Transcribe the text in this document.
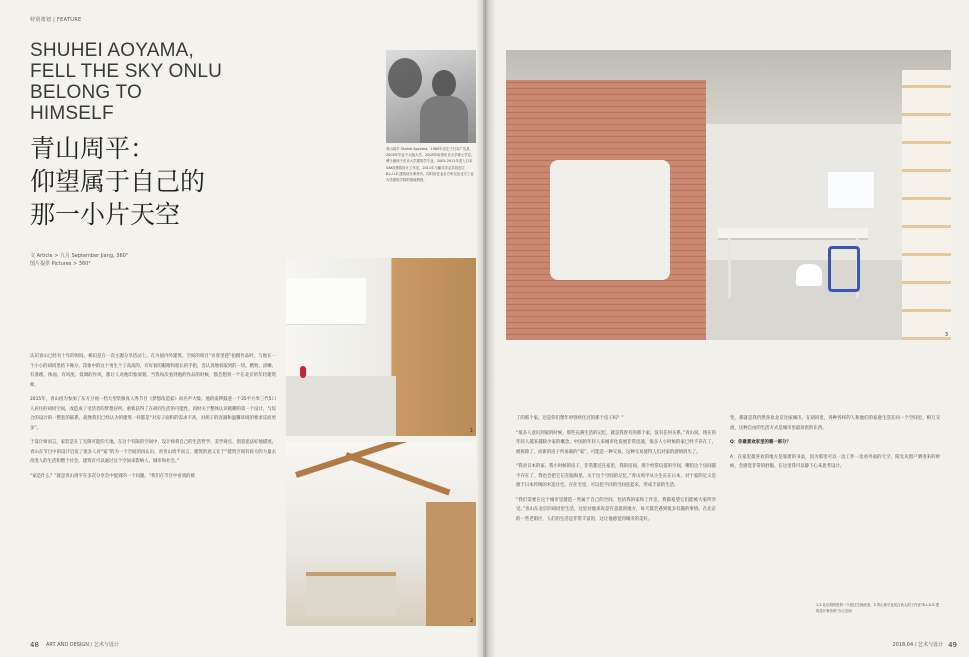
特别策划 | FEATURE
SHUHEI AOYAMA, FELL THE SKY ONLU BELONG TO HIMSELF
青山周平：
仰望属于自己的
那一小片天空
文 Article > 九月 September Jiang, 360°
图片提供 Pictures > 360°
青山周平 Shuhei Aoyama，1980年出生于日本广岛县，2003年毕业于大阪大学，2005年取得东京大学硕士学位，博士就读于东京大学建筑学专业。2005-2011年进入日本SAKO建筑设计工作室，2011年与藤井洋志共同创立B.L.U.E.建筑设计事务所，同时担任北京方所以及北方工业大学建筑学院的客座教授。
1
2

认识青山已经有十年的时间，相识是在一次主题分享活动上。在为国内外建筑、空间的项目“访客里巷”拍摄作品时，与他在一个小小的胡同里结下缘分。印象中的这个男生个子高高的，有好看的眼睛和很长的手指，会认真地看取到的一切。精致、清晰、有条理、体面、有风度、低调的作风，都让人对他印象深刻。当我每次看到他的作品的时候，都会想到一个在北京的年轻建筑师。

2015年，青山因为参加了东方卫视一档大型装修真人秀节目《梦想改造家》而名声大噪。他的南锣鼓巷一个35平方米三代5口人居住的胡同空间，改造成了受活者的梦想居所。重新获得了在胡同生活的可能性。同时关于整体认识模糊的第一个设计，与综合的设计的一整套的联系，就像我们已经认为的建筑一样都是“对房子面积的需求不高，对胡子的容器和温馨环境的要求反而更多”。

于设计师而言，家装是在了无限可能的天地。在这个有限的空间中，设计师将自己的生活哲学、美学观点、创意思法好地描述。青山在节目中的设计启发了很多人对“家”的为一个空间的再认识，对青山周平而言，建筑的意义在于“建筑空间有较大的力量去改变人的生活和整个社会，建筑有可以通过这个空间来影响人、城市和社会。”

“家是什么？”就是青山周平在多次分享会中提到的一个问题。“我们在节目中看到的被

48 ART AND DESIGN / 艺术与设计
3

了的那个家，还是你们想年时曾经住过的那个房子吗？”

“很多人意识到家的时候，那些充满生活的记忆，就是我曾有的那个家，没有任何关系。”青山说，现在的年轻人越来越缺少家的概念。中国的年轻人来城市化发展非常迅速，很多人小时候的家已经不存在了，被拆除了，而新的房子所承载的“家”，可能是一种交易。这种交易使得人们对家的感情消失了。

“我对日本的家、我小时候的房子，非常都还在家里，我的房间，那个经常玩耍的空间，哪怕这个房间都不存在了，我也会把它记在脑海里。关于这个空间的记忆。”青山周平从小生长在日本，对于家的定义是源于日本传统的木造住宅。在住宅里，可以把不同的空间连起来，形成丰富的生活。

“我们需要在这个城市里建造一些属于自己的空间，包括我的家和工作室，我都希望它们能被大家所享受。”青山在北京的胡同里生活，这里对他来说是有意思的地方，每天都会遇到很多有趣的事情。在北京的一些老街区，人们的生活是非常丰富的，这让他感觉到城市的美好。

变，那就是我仍然喜欢北京这座城市。在胡同里，各种各样的人和他们的家庭生活在同一个空间里，相互交流，这种自由的生活方式是城市里最珍贵的东西。

Q：你最喜欢家里的哪一部分？

A：在家里最喜欢的地方是靠窗的书桌，因为那里可以一边工作一边看外面的天空，阳光从窗户洒进来的时候，会感觉非常的舒服。在这里我可以静下心来思考设计。

1-2 北京胡同里的一个居住空间改造；3 青山周平及其合伙人的工作室“B.L.U.E.建筑设计事务所”办公空间
2018.04 / 艺术与设计 49
